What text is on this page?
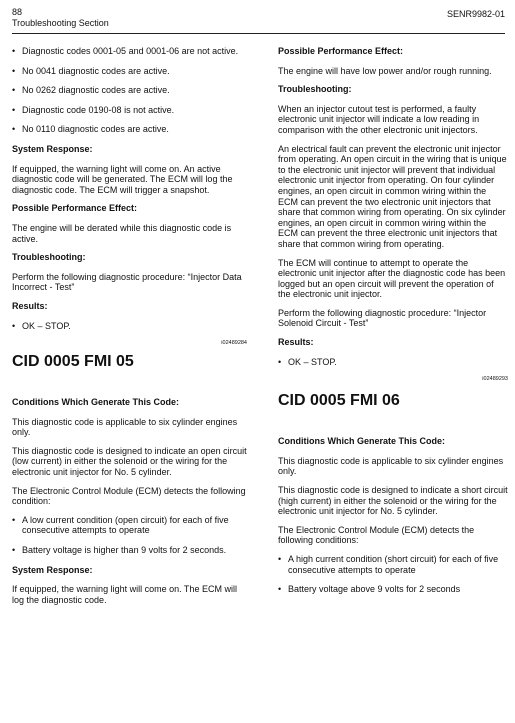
88
Troubleshooting Section
SENR9982-01
• Diagnostic codes 0001-05 and 0001-06 are not active.
• No 0041 diagnostic codes are active.
• No 0262 diagnostic codes are active.
• Diagnostic code 0190-08 is not active.
• No 0110 diagnostic codes are active.
System Response:

If equipped, the warning light will come on. An active diagnostic code will be generated. The ECM will log the diagnostic code. The ECM will trigger a snapshot.

Possible Performance Effect:

The engine will be derated while this diagnostic code is active.

Troubleshooting:

Perform the following diagnostic procedure: “Injector Data Incorrect - Test”

Results:
• OK – STOP.
i02489284
CID 0005 FMI 05
Conditions Which Generate This Code:

This diagnostic code is applicable to six cylinder engines only.

This diagnostic code is designed to indicate an open circuit (low current) in either the solenoid or the wiring for the electronic unit injector for No. 5 cylinder.

The Electronic Control Module (ECM) detects the following condition:

• A low current condition (open circuit) for each of five consecutive attempts to operate
• Battery voltage is higher than 9 volts for 2 seconds.
System Response:

If equipped, the warning light will come on. The ECM will log the diagnostic code.

Possible Performance Effect:

The engine will have low power and/or rough running.

Troubleshooting:

When an injector cutout test is performed, a faulty electronic unit injector will indicate a low reading in comparison with the other electronic unit injectors.

An electrical fault can prevent the electronic unit injector from operating. An open circuit in the wiring that is unique to the electronic unit injector will prevent that individual electronic unit injector from operating. On four cylinder engines, an open circuit in common wiring within the ECM can prevent the two electronic unit injectors that share that common wiring from operating. On six cylinder engines, an open circuit in common wiring within the ECM can prevent the three electronic unit injectors that share that common wiring from operating.

The ECM will continue to attempt to operate the electronic unit injector after the diagnostic code has been logged but an open circuit will prevent the operation of the electronic unit injector.

Perform the following diagnostic procedure: “Injector Solenoid Circuit - Test”

Results:
• OK – STOP.
i02489293
CID 0005 FMI 06
Conditions Which Generate This Code:

This diagnostic code is applicable to six cylinder engines only.

This diagnostic code is designed to indicate a short circuit (high current) in either the solenoid or the wiring for the electronic unit injector for No. 5 cylinder.

The Electronic Control Module (ECM) detects the following conditions:

• A high current condition (short circuit) for each of five consecutive attempts to operate
• Battery voltage above 9 volts for 2 seconds
